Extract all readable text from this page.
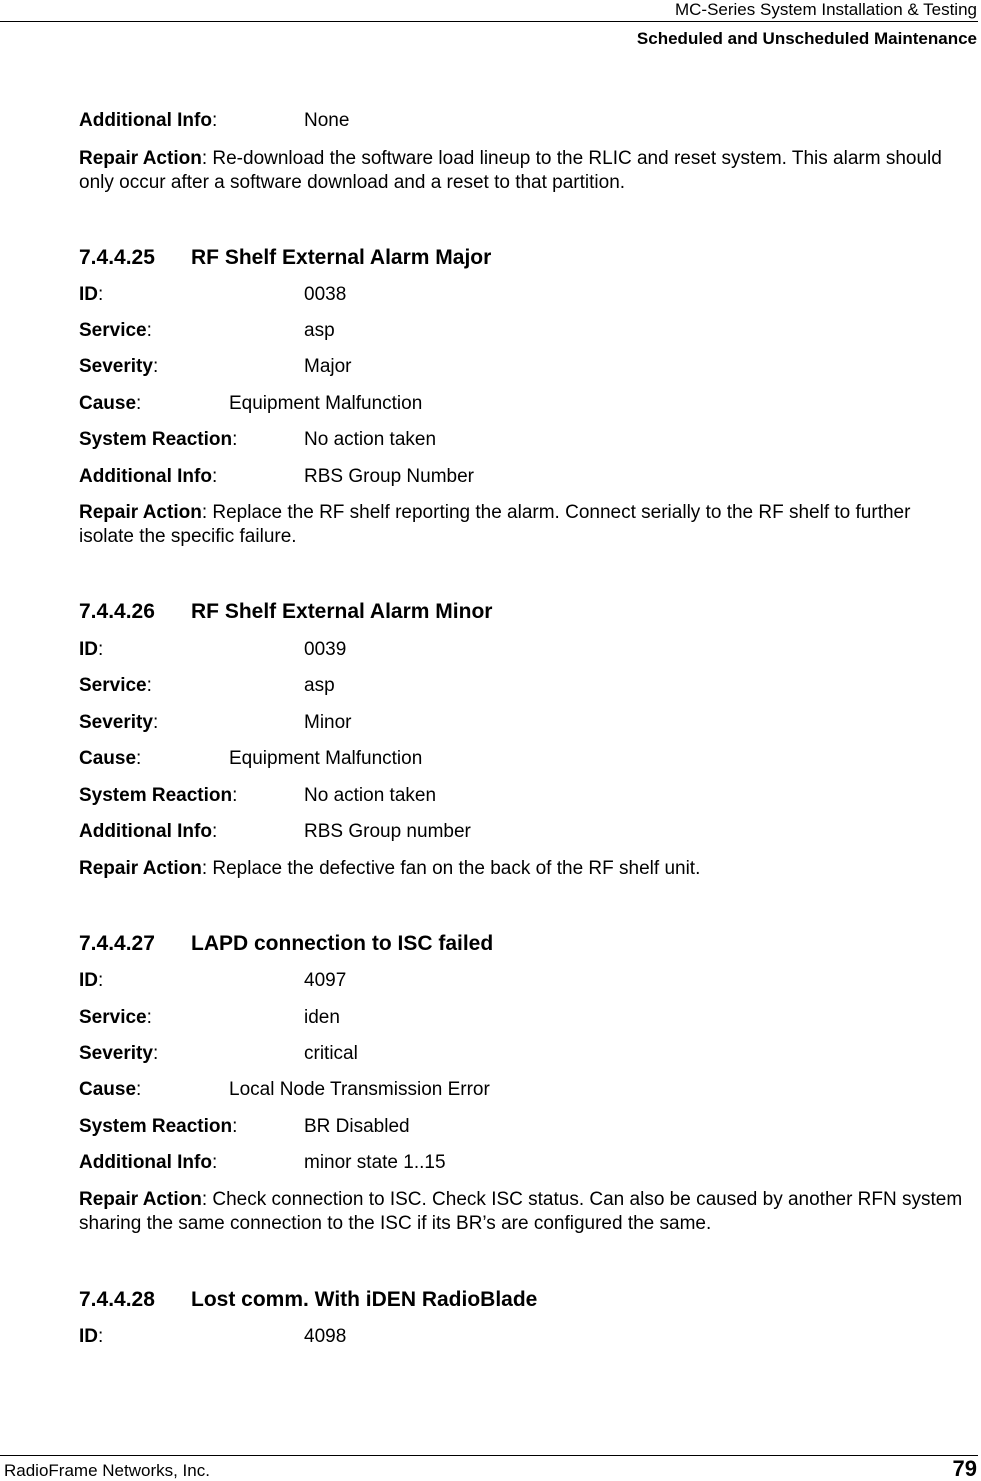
MC-Series System Installation & Testing
Scheduled and Unscheduled Maintenance
Additional Info:	None
Repair Action: Re-download the software load lineup to the RLIC and reset system. This alarm should only occur after a software download and a reset to that partition.
7.4.4.25 RF Shelf External Alarm Major
ID:	0038
Service:	asp
Severity:	Major
Cause:	Equipment Malfunction
System Reaction:	No action taken
Additional Info:	RBS Group Number
Repair Action: Replace the RF shelf reporting the alarm. Connect serially to the RF shelf to further isolate the specific failure.
7.4.4.26 RF Shelf External Alarm Minor
ID:	0039
Service:	asp
Severity:	Minor
Cause:	Equipment Malfunction
System Reaction:	No action taken
Additional Info:	RBS Group number
Repair Action: Replace the defective fan on the back of the RF shelf unit.
7.4.4.27 LAPD connection to ISC failed
ID:	4097
Service:	iden
Severity:	critical
Cause:	Local Node Transmission Error
System Reaction:	BR Disabled
Additional Info:	minor state 1..15
Repair Action: Check connection to ISC. Check ISC status. Can also be caused by another RFN system sharing the same connection to the ISC if its BR’s are configured the same.
7.4.4.28 Lost comm. With iDEN RadioBlade
ID:	4098
RadioFrame Networks, Inc.	79
